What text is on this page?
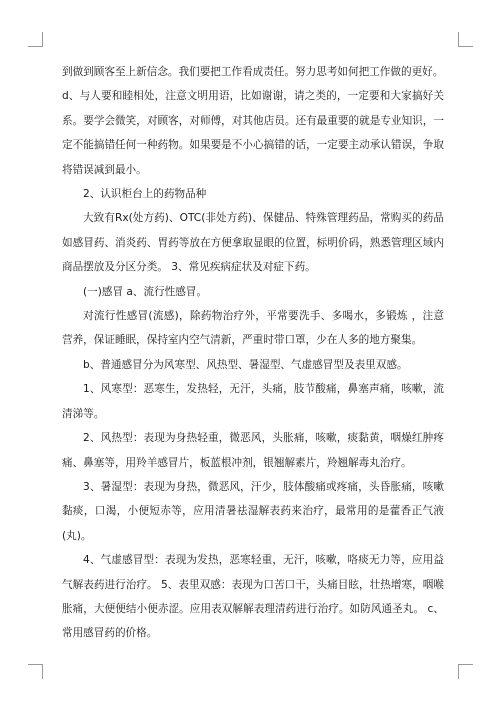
到做到顾客至上新信念。我们要把工作看成责任。努力思考如何把工作做的更好。

d、与人要和睦相处，注意文明用语，比如谢谢，请之类的，一定要和大家搞好关系。要学会微笑，对顾客，对师傅，对其他店员。还有最重要的就是专业知识，一定不能搞错任何一种药物。如果要是不小心搞错的话，一定要主动承认错误，争取将错误减到最小。

2、认识柜台上的药物品种

大致有Rx(处方药)、OTC(非处方药)、保健品、特殊管理药品，常购买的药品如感冒药、消炎药、胃药等放在方便拿取显眼的位置，标明价码，熟悉管理区域内商品摆放及分区分类。 3、常见疾病症状及对症下药。

(一)感冒 a、流行性感冒。

对流行性感冒(流感)，除药物治疗外，平常要洗手、多喝水，多锻炼 ，注意营养，保证睡眠，保持室内空气清新，严重时带口罩，少在人多的地方聚集。

b、普通感冒分为风寒型、风热型、暑湿型、气虚感冒型及表里双感。

1、风寒型：恶寒生，发热轻，无汗，头痛，肢节酸痛，鼻塞声痛，咳嗽，流清涕等。

2、风热型：表现为身热轻重，微恶风，头胀痛，咳嗽，痰黏黄，咽燥红肿疼痛、鼻塞等，用羚羊感冒片，板蓝根冲剂，银翘解素片，羚翘解毒丸治疗。

3、暑湿型：表现为身热，微恶风，汗少，肢体酸痛或疼痛，头昏胀痛，咳嗽黏痰，口渴，小便短赤等，应用清暑祛湿解表药来治疗，最常用的是藿香正气液(丸)。

4、气虚感冒型：表现为发热，恶寒轻重，无汗，咳嗽，咯痰无力等，应用益气解表药进行治疗。 5、表里双感：表现为口苦口干，头痛目眩，壮热增寒，咽喉胀痛，大便便结小便赤涩。应用表双解解表理清药进行治疗。如防风通圣丸。 c、常用感冒药的价格。
